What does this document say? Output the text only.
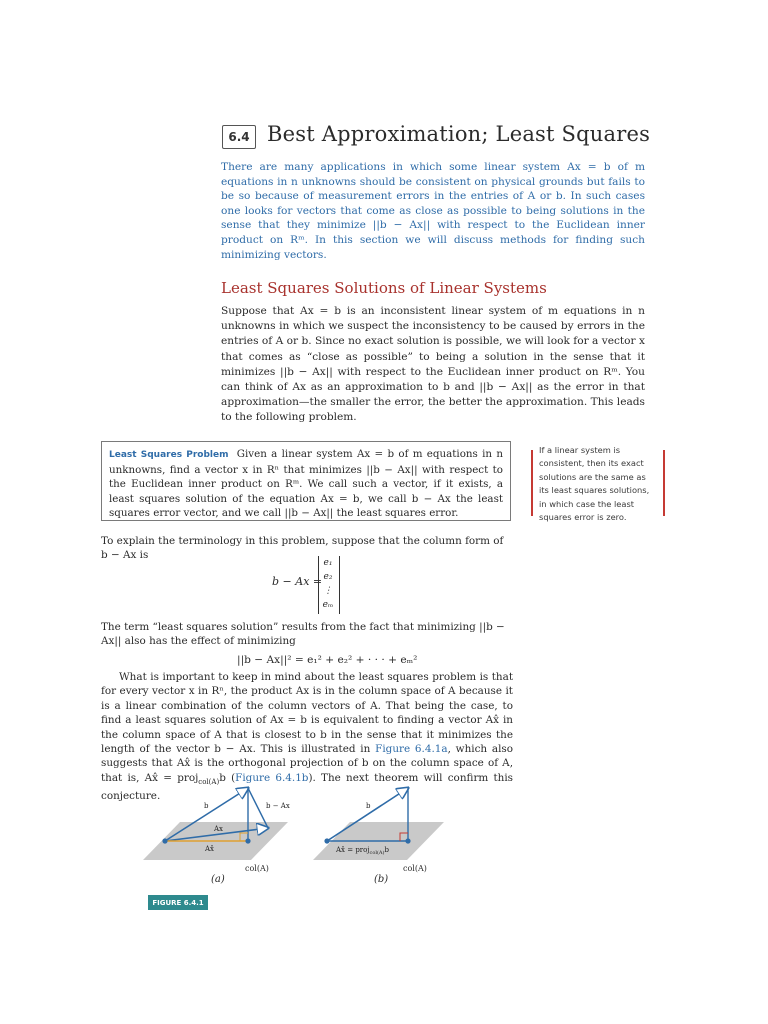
6.4 Best Approximation; Least Squares
There are many applications in which some linear system Ax = b of m equations in n unknowns should be consistent on physical grounds but fails to be so because of measurement errors in the entries of A or b. In such cases one looks for vectors that come as close as possible to being solutions in the sense that they minimize ||b − Ax|| with respect to the Euclidean inner product on Rᵐ. In this section we will discuss methods for finding such minimizing vectors.
Least Squares Solutions of Linear Systems
Suppose that Ax = b is an inconsistent linear system of m equations in n unknowns in which we suspect the inconsistency to be caused by errors in the entries of A or b. Since no exact solution is possible, we will look for a vector x that comes as “close as possible” to being a solution in the sense that it minimizes ||b − Ax|| with respect to the Euclidean inner product on Rᵐ. You can think of Ax as an approximation to b and ||b − Ax|| as the error in that approximation—the smaller the error, the better the approximation. This leads to the following problem.
Least Squares Problem Given a linear system Ax = b of m equations in n unknowns, find a vector x in Rⁿ that minimizes ||b − Ax|| with respect to the Euclidean inner product on Rᵐ. We call such a vector, if it exists, a least squares solution of the equation Ax = b, we call b − Ax the least squares error vector, and we call ||b − Ax|| the least squares error.
If a linear system is consistent, then its exact solutions are the same as its least squares solutions, in which case the least squares error is zero.
To explain the terminology in this problem, suppose that the column form of b − Ax is
b − Ax =
e₁
e₂
⋮
eₘ
The term “least squares solution” results from the fact that minimizing ||b − Ax|| also has the effect of minimizing
||b − Ax||² = e₁² + e₂² + · · · + eₘ²
What is important to keep in mind about the least squares problem is that for every vector x in Rⁿ, the product Ax is in the column space of A because it is a linear combination of the column vectors of A. That being the case, to find a least squares solution of Ax = b is equivalent to finding a vector Ax̂ in the column space of A that is closest to b in the sense that it minimizes the length of the vector b − Ax. This is illustrated in Figure 6.4.1a, which also suggests that Ax̂ is the orthogonal projection of b on the column space of A, that is, Ax̂ = proj$_{col(A)}$b (Figure 6.4.1b). The next theorem will confirm this conjecture.
b	b − Ax
Ax
Ax̂
b
Ax̂ = proj$_{col(A)}$b
col(A)
(a)
col(A)
(b)
FIGURE 6.4.1
